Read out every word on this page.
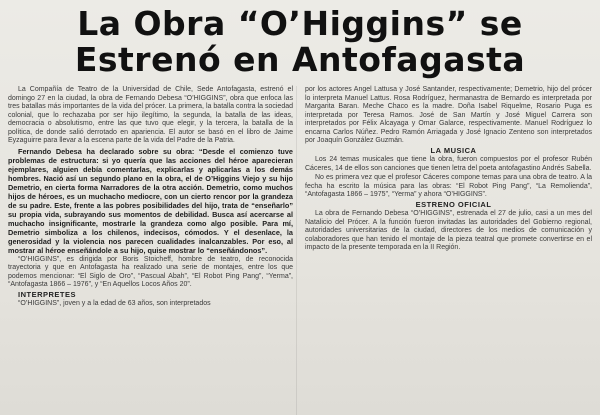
La Obra “O’Higgins” se
Estrenó en Antofagasta

La Compañía de Teatro de la Universidad de Chile, Sede Antofagasta, estrenó el domingo 27 en la ciudad, la obra de Fernando Debesa “O’HIGGINS”, obra que enfoca las tres batallas más importantes de la vida del prócer. La primera, la batalla contra la sociedad colonial, que lo rechazaba por ser hijo ilegítimo, la segunda, la batalla de las ideas, democracia o absolutismo, entre las que tuvo que elegir, y la tercera, la batalla de la política, de donde salió derrotado en apariencia. El autor se basó en el libro de Jaime Eyzaguirre para llevar a la escena parte de la vida del Padre de la Patria.

Fernando Debesa ha declarado sobre su obra: “Desde el comienzo tuve problemas de estructura: si yo quería que las acciones del héroe aparecieran ejemplares, alguien debía comentarlas, explicarlas y aplicarlas a los demás hombres. Nació así un segundo plano en la obra, el de O’Higgins Viejo y su hijo Demetrio, en cierta forma Narradores de la otra acción. Demetrio, como muchos hijos de héroes, es un muchacho mediocre, con un cierto rencor por la grandeza de su padre. Este, frente a las pobres posibilidades del hijo, trata de “enseñarlo” su propia vida, subrayando sus momentos de debilidad. Busca así acercarse al muchacho insignificante, mostrarle la grandeza como algo posible. Para mí, Demetrio simboliza a los chilenos, indecisos, cómodos. Y el desenlace, la generosidad y la violencia nos parecen cualidades inalcanzables. Por eso, al mostrar al héroe enseñándole a su hijo, quise mostrar lo “enseñándonos”.

“O’HIGGINS”, es dirigida por Boris Stoicheff, hombre de teatro, de reconocida trayectoria y que en Antofagasta ha realizado una serie de montajes, entre los que podemos mencionar: “El Siglo de Oro”, “Pascual Abah”, “El Robot Ping Pang”, “Yerma”, “Antofagasta 1866 – 1976”, y “En Aquellos Locos Años 20”.

INTERPRETES

“O’HIGGINS”, joven y a la edad de 63 años, son interpretados

por los actores Angel Lattusa y José Santander, respectivamente; Demetrio, hijo del prócer lo interpreta Manuel Lattus. Rosa Rodríguez, hermanastra de Bernardo es interpretada por Margarita Baran. Meche Chaco es la madre. Doña Isabel Riquelme, Rosario Puga es interpretada por Teresa Ramos. José de San Martín y José Miguel Carrera son interpretados por Félix Alcayaga y Omar Galarce, respectivamente. Manuel Rodríguez lo encarna Carlos Núñez. Pedro Ramón Arriagada y José Ignacio Zenteno son interpretados por Joaquín González Guzmán.

LA MUSICA

Los 24 temas musicales que tiene la obra, fueron compuestos por el profesor Rubén Cáceres, 14 de ellos son canciones que tienen letra del poeta antofagastino Andrés Sabella.

No es primera vez que el profesor Cáceres compone temas para una obra de teatro. A la fecha ha escrito la música para las obras: “El Robot Ping Pang”, “La Remolienda”, “Antofagasta 1866 – 1975”, “Yerma” y ahora “O’HIGGINS”.

ESTRENO OFICIAL

La obra de Fernando Debesa “O’HIGGINS”, estrenada el 27 de julio, casi a un mes del Natalicio del Prócer. A la función fueron invitadas las autoridades del Gobierno regional, autoridades universitarias de la ciudad, directores de los medios de comunicación y colaboradores que han tenido el montaje de la pieza teatral que promete convertirse en el impacto de la presente temporada en la II Región.
